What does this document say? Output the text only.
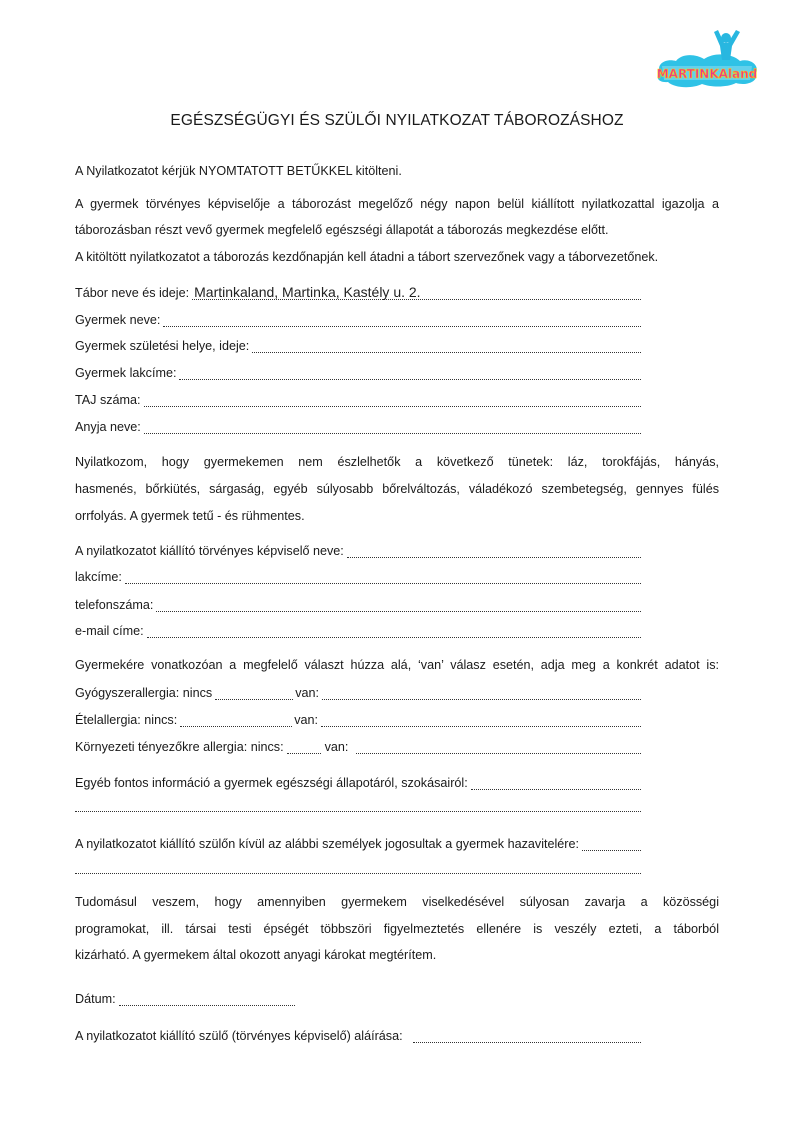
MARTINKAland
EGÉSZSÉGÜGYI ÉS SZÜLŐI NYILATKOZAT TÁBOROZÁSHOZ
A Nyilatkozatot kérjük NYOMTATOTT BETŰKKEL kitölteni.
A gyermek törvényes képviselője a táborozást megelőző négy napon belül kiállított nyilatkozattal igazolja a
táborozásban részt vevő gyermek megfelelő egészségi állapotát a táborozás megkezdése előtt.
A kitöltött nyilatkozatot a táborozás kezdőnapján kell átadni a tábort szervezőnek vagy a táborvezetőnek.
Tábor neve és ideje: Martinkaland, Martinka, Kastély u. 2.
Gyermek neve:
Gyermek születési helye, ideje:
Gyermek lakcíme:
TAJ száma:
Anyja neve:
Nyilatkozom, hogy gyermekemen nem észlelhetők a következő tünetek: láz, torokfájás, hányás,
hasmenés, bőrkiütés, sárgaság, egyéb súlyosabb bőrelváltozás, váladékozó szembetegség, gennyes fülés
orrfolyás. A gyermek tetű - és rühmentes.
A nyilatkozatot kiállító törvényes képviselő neve:
lakcíme:
telefonszáma:
e-mail címe:
Gyermekére vonatkozóan a megfelelő választ húzza alá, ‘van’ válasz esetén, adja meg a konkrét adatot is:
Gyógyszerallergia: nincs	van:
Ételallergia: nincs:	van:
Környezeti tényezőkre allergia: nincs:	van:
Egyéb fontos információ a gyermek egészségi állapotáról, szokásairól:
A nyilatkozatot kiállító szülőn kívül az alábbi személyek jogosultak a gyermek hazavitelére:
Tudomásul veszem, hogy amennyiben gyermekem viselkedésével súlyosan zavarja a közösségi
programokat, ill. társai testi épségét többszöri figyelmeztetés ellenére is veszély ezteti, a táborból
kizárható. A gyermekem által okozott anyagi károkat megtérítem.
Dátum:
A nyilatkozatot kiállító szülő (törvényes képviselő) aláírása:
